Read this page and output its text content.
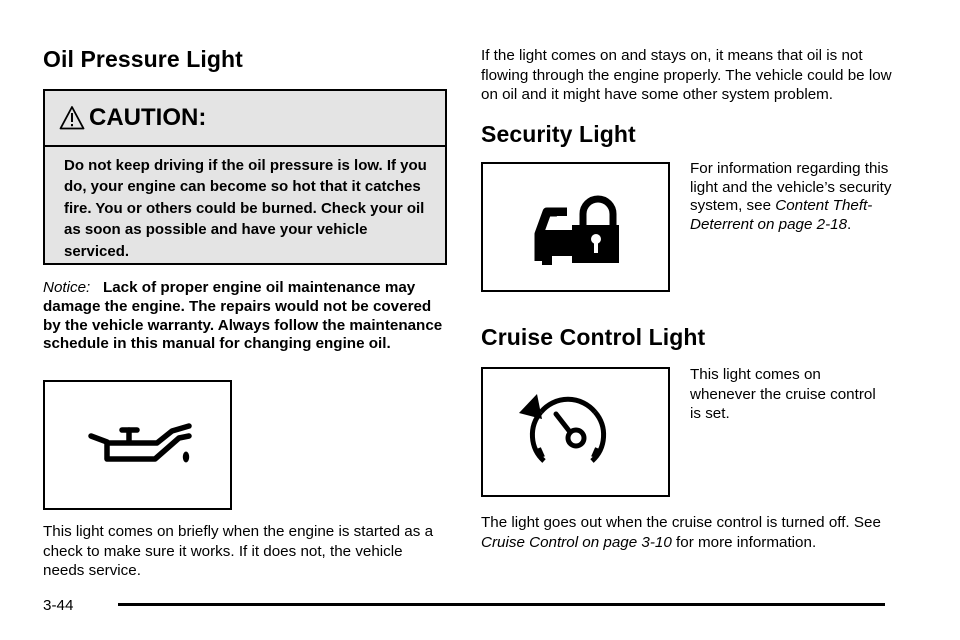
Oil Pressure Light
CAUTION:
Do not keep driving if the oil pressure is low. If you do, your engine can become so hot that it catches fire. You or others could be burned. Check your oil as soon as possible and have your vehicle serviced.
Notice: Lack of proper engine oil maintenance may damage the engine. The repairs would not be covered by the vehicle warranty. Always follow the maintenance schedule in this manual for changing engine oil.
This light comes on briefly when the engine is started as a check to make sure it works. If it does not, the vehicle needs service.
If the light comes on and stays on, it means that oil is not flowing through the engine properly. The vehicle could be low on oil and it might have some other system problem.
Security Light
For information regarding this light and the vehicle’s security system, see Content Theft-Deterrent on page 2-18.
Cruise Control Light
This light comes on whenever the cruise control is set.
The light goes out when the cruise control is turned off. See Cruise Control on page 3-10 for more information.
3-44
